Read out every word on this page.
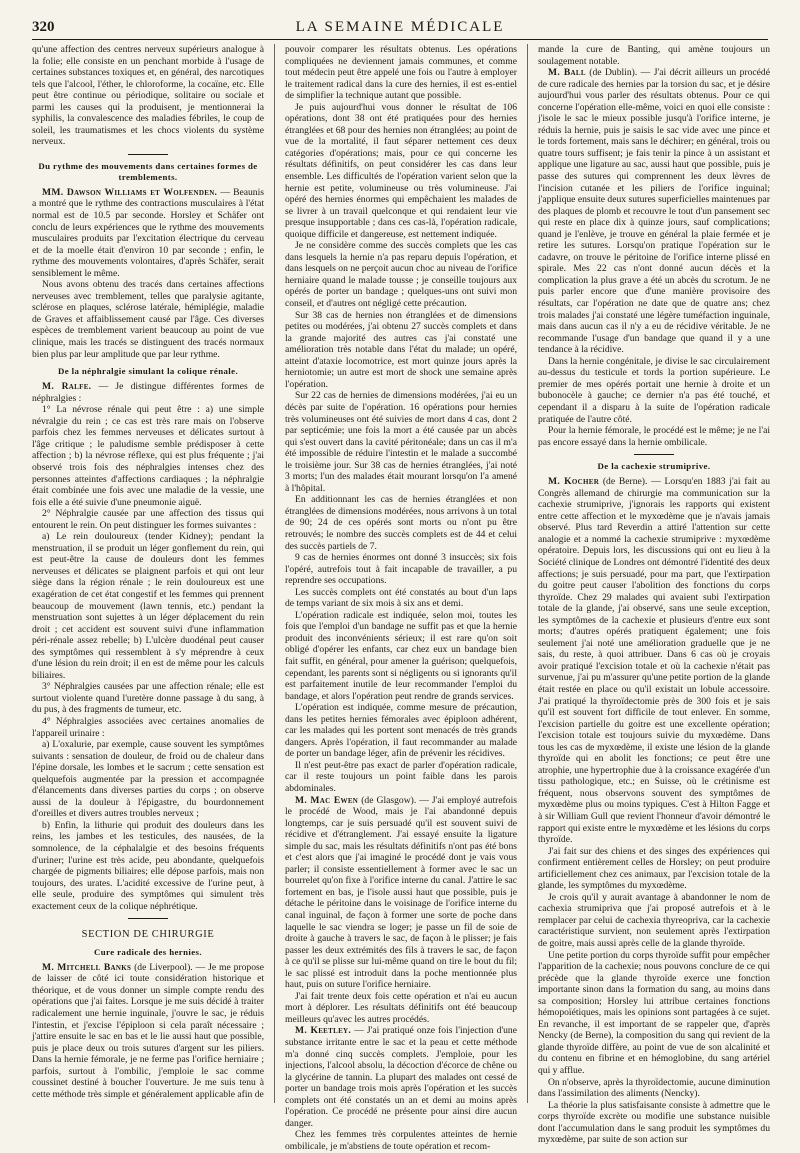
320	LA SEMAINE MÉDICALE

qu'une affection des centres nerveux supérieurs analogue à la folie; elle consiste en un penchant morbide à l'usage de certaines substances toxiques et, en général, des narcotiques tels que l'alcool, l'éther, le chloroforme, la cocaïne, etc. Elle peut être continue ou périodique, solitaire ou sociale et parmi les causes qui la produisent, je mentionnerai la syphilis, la convalescence des maladies fébriles, le coup de soleil, les traumatismes et les chocs violents du système nerveux.

Du rythme des mouvements dans certaines formes de tremblements.

MM. Dawson Williams et Wolfenden. — Beaunis a montré que le rythme des contractions musculaires à l'état normal est de 10.5 par seconde. Horsley et Schäfer ont conclu de leurs expériences que le rythme des mouvements musculaires produits par l'excitation électrique du cerveau et de la moelle était d'environ 10 par seconde ; enfin, le rythme des mouvements volontaires, d'après Schäfer, serait sensiblement le même.

Nous avons obtenu des tracés dans certaines affections nerveuses avec tremblement, telles que paralysie agitante, sclérose en plaques, sclérose latérale, hémiplégie, maladie de Graves et affaiblissement causé par l'âge. Ces diverses espèces de tremblement varient beaucoup au point de vue clinique, mais les tracés se distinguent des tracés normaux bien plus par leur amplitude que par leur rythme.

De la néphralgie simulant la colique rénale.

M. Ralfe. — Je distingue différentes formes de néphralgies :

1° La névrose rénale qui peut être : a) une simple névralgie du rein ; ce cas est très rare mais on l'observe parfois chez les femmes nerveuses et délicates surtout à l'âge critique ; le paludisme semble prédisposer à cette affection ; b) la névrose réflexe, qui est plus fréquente ; j'ai observé trois fois des néphralgies intenses chez des personnes atteintes d'affections cardiaques ; la néphralgie était combinée une fois avec une maladie de la vessie, une fois elle a été suivie d'une pneumonie aiguë.

2° Néphralgie causée par une affection des tissus qui entourent le rein. On peut distinguer les formes suivantes :

a) Le rein douloureux (tender Kidney); pendant la menstruation, il se produit un léger gonflement du rein, qui est peut-être la cause de douleurs dont les femmes nerveuses et délicates se plaignent parfois et qui ont leur siège dans la région rénale ; le rein douloureux est une exagération de cet état congestif et les femmes qui prennent beaucoup de mouvement (lawn tennis, etc.) pendant la menstruation sont sujettes à un léger déplacement du rein droit ; cet accident est souvent suivi d'une inflammation péri-rénale assez rebelle; b) L'ulcère duodénal peut causer des symptômes qui ressemblent à s'y méprendre à ceux d'une lésion du rein droit; il en est de même pour les calculs biliaires.

3° Néphralgies causées par une affection rénale; elle est surtout violente quand l'uretère donne passage à du sang, à du pus, à des fragments de tumeur, etc.

4° Néphralgies associées avec certaines anomalies de l'appareil urinaire :

a) L'oxalurie, par exemple, cause souvent les symptômes suivants : sensation de douleur, de froid ou de chaleur dans l'épine dorsale, les lombes et le sacrum ; cette sensation est quelquefois augmentée par la pression et accompagnée d'élancements dans diverses parties du corps ; on observe aussi de la douleur à l'épigastre, du bourdonnement d'oreilles et divers autres troubles nerveux ;

b) Enfin, la lithurie qui produit des douleurs dans les reins, les jambes et les testicules, des nausées, de la somnolence, de la céphalalgie et des besoins fréquents d'uriner; l'urine est très acide, peu abondante, quelquefois chargée de pigments biliaires; elle dépose parfois, mais non toujours, des urates. L'acidité excessive de l'urine peut, à elle seule, produire des symptômes qui simulent très exactement ceux de la colique néphrétique.

SECTION DE CHIRURGIE
Cure radicale des hernies.

M. Mitchell Banks (de Liverpool). — Je me propose de laisser de côté ici toute considération historique et théorique, et de vous donner un simple compte rendu des opérations que j'ai faites. Lorsque je me suis décidé à traiter radicalement une hernie inguinale, j'ouvre le sac, je réduis l'intestin, et j'excise l'épiploon si cela paraît nécessaire ; j'attire ensuite le sac en bas et le lie aussi haut que possible, puis je place deux ou trois sutures d'argent sur les piliers. Dans la hernie fémorale, je ne ferme pas l'orifice herniaire ; parfois, surtout à l'ombilic, j'emploie le sac comme coussinet destiné à boucher l'ouverture. Je me suis tenu à cette méthode très simple et généralement applicable afin de

pouvoir comparer les résultats obtenus. Les opérations compliquées ne deviennent jamais communes, et comme tout médecin peut être appelé une fois ou l'autre à employer le traitement radical dans la cure des hernies, il est es-entiel de simplifier la technique autant que possible.

Je puis aujourd'hui vous donner le résultat de 106 opérations, dont 38 ont été pratiquées pour des hernies étranglées et 68 pour des hernies non étranglées; au point de vue de la mortalité, il faut séparer nettement ces deux catégories d'opérations; mais, pour ce qui concerne les résultats définitifs, on peut considérer les cas dans leur ensemble. Les difficultés de l'opération varient selon que la hernie est petite, volumineuse ou très volumineuse. J'ai opéré des hernies énormes qui empêchaient les malades de se livrer à un travail quelconque et qui rendaient leur vie presque insupportable ; dans ces cas-là, l'opération radicale, quoique difficile et dangereuse, est nettement indiquée.

Je ne considère comme des succès complets que les cas dans lesquels la hernie n'a pas reparu depuis l'opération, et dans lesquels on ne perçoit aucun choc au niveau de l'orifice herniaire quand le malade tousse ; je conseille toujours aux opérés de porter un bandage ; quelques-uns ont suivi mon conseil, et d'autres ont négligé cette précaution.

Sur 38 cas de hernies non étranglées et de dimensions petites ou modérées, j'ai obtenu 27 succès complets et dans la grande majorité des autres cas j'ai constaté une amélioration très notable dans l'état du malade; un opéré, atteint d'ataxie locomotrice, est mort quinze jours après la herniotomie; un autre est mort de shock une semaine après l'opération.

Sur 22 cas de hernies de dimensions modérées, j'ai eu un décès par suite de l'opération. 16 opérations pour hernies très volumineuses ont été suivies de mort dans 4 cas, dont 2 par septicémie; une fois la mort a été causée par un abcès qui s'est ouvert dans la cavité péritonéale; dans un cas il m'a été impossible de réduire l'intestin et le malade a succombé le troisième jour. Sur 38 cas de hernies étranglées, j'ai noté 3 morts; l'un des malades était mourant lorsqu'on l'a amené à l'hôpital.

En additionnant les cas de hernies étranglées et non étranglées de dimensions modérées, nous arrivons à un total de 90; 24 de ces opérés sont morts ou n'ont pu être retrouvés; le nombre des succès complets est de 44 et celui des succès partiels de 7.

9 cas de hernies énormes ont donné 3 insuccès; six fois l'opéré, autrefois tout à fait incapable de travailler, a pu reprendre ses occupations.

Les succès complets ont été constatés au bout d'un laps de temps variant de six mois à six ans et demi.

L'opération radicale est indiquée, selon moi, toutes les fois que l'emploi d'un bandage ne suffit pas et que la hernie produit des inconvénients sérieux; il est rare qu'on soit obligé d'opérer les enfants, car chez eux un bandage bien fait suffit, en général, pour amener la guérison; quelquefois, cependant, les parents sont si négligents ou si ignorants qu'il est parfaitement inutile de leur recommander l'emploi du bandage, et alors l'opération peut rendre de grands services.

L'opération est indiquée, comme mesure de précaution, dans les petites hernies fémorales avec épiploon adhérent, car les malades qui les portent sont menacés de très grands dangers. Après l'opération, il faut recommander au malade de porter un bandage léger, afin de prévenir les récidives.

Il n'est peut-être pas exact de parler d'opération radicale, car il reste toujours un point faible dans les parois abdominales.

M. Mac Ewen (de Glasgow). — J'ai employé autrefois le procédé de Wood, mais je l'ai abandonné depuis longtemps, car je suis persuadé qu'il est souvent suivi de récidive et d'étranglement. J'ai essayé ensuite la ligature simple du sac, mais les résultats définitifs n'ont pas été bons et c'est alors que j'ai imaginé le procédé dont je vais vous parler; il consiste essentiellement à former avec le sac un bourrelet qu'on fixe à l'orifice interne du canal. J'attire le sac fortement en bas, je l'isole aussi haut que possible, puis je détache le péritoine dans le voisinage de l'orifice interne du canal inguinal, de façon à former une sorte de poche dans laquelle le sac viendra se loger; je passe un fil de soie de droite à gauche à travers le sac, de façon à le plisser; je fais passer les deux extrémités des fils à travers le sac, de façon à ce qu'il se plisse sur lui-même quand on tire le bout du fil; le sac plissé est introduit dans la poche mentionnée plus haut, puis on suture l'orifice herniaire.

J'ai fait trente deux fois cette opération et n'ai eu aucun mort à déplorer. Les résultats définitifs ont été beaucoup meilleurs qu'avec les autres procédés.

M. Keetley. — J'ai pratiqué onze fois l'injection d'une substance irritante entre le sac et la peau et cette méthode m'a donné cinq succès complets. J'emploie, pour les injections, l'alcool absolu, la décoction d'écorce de chêne ou la glycérine de tannin. La plupart des malades ont cessé de porter un bandage trois mois après l'opération et les succès complets ont été constatés un an et demi au moins après l'opération. Ce procédé ne présente pour ainsi dire aucun danger.

Chez les femmes très corpulentes atteintes de hernie ombilicale, je m'abstiens de toute opération et recom-

mande la cure de Banting, qui amène toujours un soulagement notable.

M. Ball (de Dublin). — J'ai décrit ailleurs un procédé de cure radicale des hernies par la torsion du sac, et je désire aujourd'hui vous parler des résultats obtenus. Pour ce qui concerne l'opération elle-même, voici en quoi elle consiste : j'isole le sac le mieux possible jusqu'à l'orifice interne, je réduis la hernie, puis je saisis le sac vide avec une pince et le tords fortement, mais sans le déchirer; en général, trois ou quatre tours suffisent; je fais tenir la pince à un assistant et applique une ligature au sac, aussi haut que possible, puis je passe des sutures qui comprennent les deux lèvres de l'incision cutanée et les piliers de l'orifice inguinal; j'applique ensuite deux sutures superficielles maintenues par des plaques de plomb et recouvre le tout d'un pansement sec qui reste en place dix à quinze jours, sauf complications; quand je l'enlève, je trouve en général la plaie fermée et je retire les sutures. Lorsqu'on pratique l'opération sur le cadavre, on trouve le péritoine de l'orifice interne plissé en spirale. Mes 22 cas n'ont donné aucun décès et la complication la plus grave a été un abcès du scrotum. Je ne puis parler encore que d'une manière provisoire des résultats, car l'opération ne date que de quatre ans; chez trois malades j'ai constaté une légère tuméfaction inguinale, mais dans aucun cas il n'y a eu de récidive véritable. Je ne recommande l'usage d'un bandage que quand il y a une tendance à la récidive.

Dans la hernie congénitale, je divise le sac circulairement au-dessus du testicule et tords la portion supérieure. Le premier de mes opérés portait une hernie à droite et un bubonocèle à gauche; ce dernier n'a pas été touché, et cependant il a disparu à la suite de l'opération radicale pratiquée de l'autre côté.

Pour la hernie fémorale, le procédé est le même; je ne l'ai pas encore essayé dans la hernie ombilicale.

De la cachexie strumiprive.

M. Kocher (de Berne). — Lorsqu'en 1883 j'ai fait au Congrès allemand de chirurgie ma communication sur la cachexie strumiprive, j'ignorais les rapports qui existent entre cette affection et le myxœdème que je n'avais jamais observé. Plus tard Reverdin a attiré l'attention sur cette analogie et a nommé la cachexie strumiprive : myxœdème opératoire. Depuis lors, les discussions qui ont eu lieu à la Société clinique de Londres ont démontré l'identité des deux affections; je suis persuadé, pour ma part, que l'extirpation du goitre peut causer l'abolition des fonctions du corps thyroïde. Chez 29 malades qui avaient subi l'extirpation totale de la glande, j'ai observé, sans une seule exception, les symptômes de la cachexie et plusieurs d'entre eux sont morts; d'autres opérés pratiquent également; une fois seulement j'ai noté une amélioration graduelle que je ne sais, du reste, à quoi attribuer. Dans 6 cas où je croyais avoir pratiqué l'excision totale et où la cachexie n'était pas survenue, j'ai pu m'assurer qu'une petite portion de la glande était restée en place ou qu'il existait un lobule accessoire. J'ai pratiqué la thyroïdectomie près de 300 fois et je sais qu'il est souvent fort difficile de tout enlever. En somme, l'excision partielle du goitre est une excellente opération; l'excision totale est toujours suivie du myxœdème. Dans tous les cas de myxœdème, il existe une lésion de la glande thyroïde qui en abolit les fonctions; ce peut être une atrophie, une hypertrophie due à la croissance exagérée d'un tissu pathologique, etc.; en Suisse, où le crétinisme est fréquent, nous observons souvent des symptômes de myxœdème plus ou moins typiques. C'est à Hilton Fagge et à sir William Gull que revient l'honneur d'avoir démontré le rapport qui existe entre le myxœdème et les lésions du corps thyroïde.

J'ai fait sur des chiens et des singes des expériences qui confirment entièrement celles de Horsley; on peut produire artificiellement chez ces animaux, par l'excision totale de la glande, les symptômes du myxœdème.

Je crois qu'il y aurait avantage à abandonner le nom de cachexia strumipriva que j'ai proposé autrefois et à le remplacer par celui de cachexia thyreopriva, car la cachexie caractéristique survient, non seulement après l'extirpation de goitre, mais aussi après celle de la glande thyroïde.

Une petite portion du corps thyroïde suffit pour empêcher l'apparition de la cachexie; nous pouvons conclure de ce qui précède que la glande thyroïde exerce une fonction importante sinon dans la formation du sang, au moins dans sa composition; Horsley lui attribue certaines fonctions hémopoïétiques, mais les opinions sont partagées à ce sujet. En revanche, il est important de se rappeler que, d'après Nencky (de Berne), la composition du sang qui revient de la glande thyroïde diffère, au point de vue de son alcalinité et du contenu en fibrine et en hémoglobine, du sang artériel qui y afflue.

On n'observe, après la thyroïdectomie, aucune diminution dans l'assimilation des aliments (Nencky).

La théorie la plus satisfaisante consiste à admettre que le corps thyroïde excrète ou modifie une substance nuisible dont l'accumulation dans le sang produit les symptômes du myxœdème, par suite de son action sur
